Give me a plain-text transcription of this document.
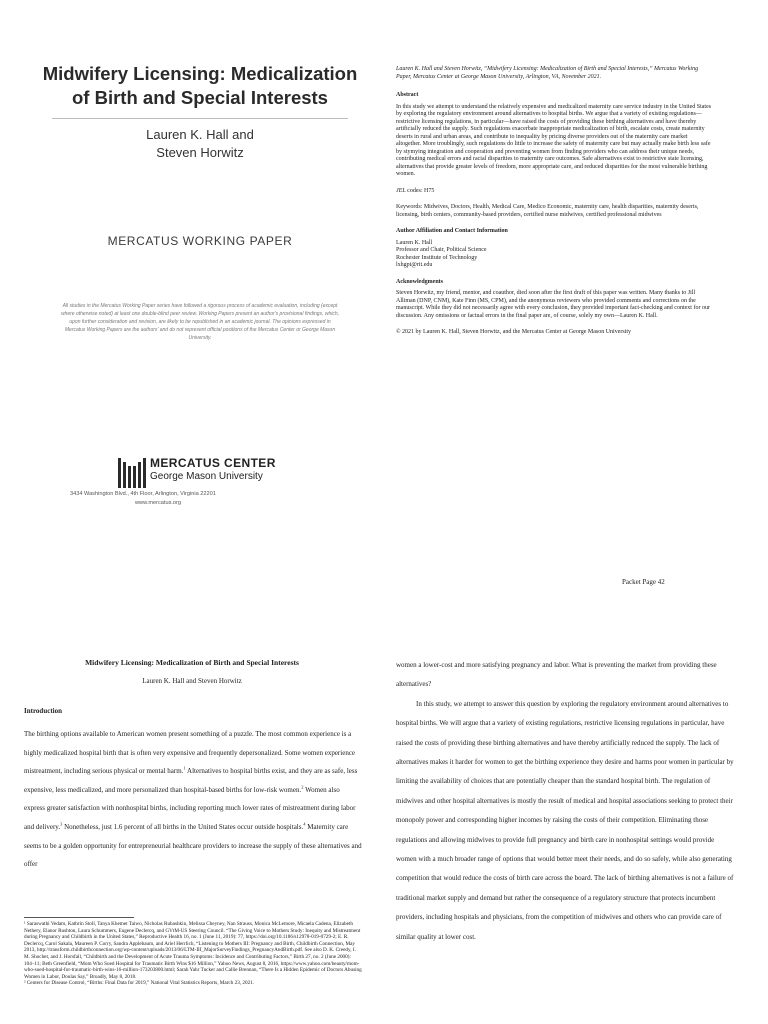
Midwifery Licensing: Medicalization
of Birth and Special Interests
Lauren K. Hall and
Steven Horwitz
MERCATUS WORKING PAPER
All studies in the Mercatus Working Paper series have followed a rigorous process of academic evaluation, including (except where otherwise noted) at least one double-blind peer review. Working Papers present an author's provisional findings, which, upon further consideration and revision, are likely to be republished in an academic journal. The opinions expressed in Mercatus Working Papers are the authors' and do not represent official positions of the Mercatus Center or George Mason University.
MERCATUS CENTER
George Mason University
3434 Washington Blvd., 4th Floor, Arlington, Virginia 22201
www.mercatus.org

Lauren K. Hall and Steven Horwitz, “Midwifery Licensing: Medicalization of Birth and Special Interests,” Mercatus Working Paper, Mercatus Center at George Mason University, Arlington, VA, November 2021.

Abstract

In this study we attempt to understand the relatively expensive and medicalized maternity care service industry in the United States by exploring the regulatory environment around alternatives to hospital births. We argue that a variety of existing regulations—restrictive licensing regulations, in particular—have raised the costs of providing these birthing alternatives and have thereby artificially reduced the supply. Such regulations exacerbate inappropriate medicalization of birth, escalate costs, create maternity deserts in rural and urban areas, and contribute to inequality by pricing diverse providers out of the maternity care market altogether. More troublingly, such regulations do little to increase the safety of maternity care but may actually make birth less safe by stymying integration and cooperation and preventing women from finding providers who can address their unique needs, contributing medical errors and racial disparities to maternity care outcomes. Safe alternatives exist to restrictive state licensing, alternatives that provide greater levels of freedom, more appropriate care, and reduced disparities for the most vulnerable birthing women.

JEL codes: H75

Keywords: Midwives, Doctors, Health, Medical Care, Medico Economic, maternity care, health disparities, maternity deserts, licensing, birth centers, community-based providers, certified nurse midwives, certified professional midwives

Author Affiliation and Contact Information

Lauren K. Hall

Professor and Chair, Political Science

Rochester Institute of Technology

lxhgpt@rit.edu

Acknowledgments

Steven Horwitz, my friend, mentor, and coauthor, died soon after the first draft of this paper was written. Many thanks to Jill Alliman (DNP, CNM), Kate Finn (MS, CPM), and the anonymous reviewers who provided comments and corrections on the manuscript. While they did not necessarily agree with every conclusion, they provided important fact-checking and context for our discussion. Any omissions or factual errors in the final paper are, of course, solely my own—Lauren K. Hall.

© 2021 by Lauren K. Hall, Steven Horwitz, and the Mercatus Center at George Mason University

Packet Page 42
Midwifery Licensing: Medicalization of Birth and Special Interests
Lauren K. Hall and Steven Horwitz
Introduction
The birthing options available to American women present something of a puzzle. The most common experience is a highly medicalized hospital birth that is often very expensive and frequently depersonalized. Some women experience mistreatment, including serious physical or mental harm.$^1$ Alternatives to hospital births exist, and they are as safe, less expensive, less medicalized, and more personalized than hospital-based births for low-risk women.$^2$ Women also express greater satisfaction with nonhospital births, including reporting much lower rates of mistreatment during labor and delivery.$^3$ Nonetheless, just 1.6 percent of all births in the United States occur outside hospitals.$^4$ Maternity care seems to be a golden opportunity for entrepreneurial healthcare providers to increase the supply of these alternatives and offer

¹ Saraswathi Vedam, Kathrin Stoll, Tanya Khemet Taiwo, Nicholas Rubashkin, Melissa Cheyney, Nan Strauss, Monica McLemore, Micaela Cadena, Elizabeth Nethery, Elanor Rushton, Laura Schummers, Eugene Declercq, and GVtM-US Steering Council. “The Giving Voice to Mothers Study: Inequity and Mistreatment during Pregnancy and Childbirth in the United States,” Reproductive Health 16, no. 1 (June 11, 2019): 77, https://doi.org/10.1186/s12978-019-0729-2; E. R. Declercq, Carol Sakala, Maureen P. Corry, Sandra Applebaum, and Ariel Herrlich, “Listening to Mothers III: Pregnancy and Birth, Childbirth Connection, May 2013, http://transform.childbirthconnection.org/wp-content/uploads/2013/06/LTM-III_MajorSurveyFindings_PregnancyAndBirth.pdf. See also D. K. Creedy, I. M. Shochet, and J. Horsfall, “Childbirth and the Development of Acute Trauma Symptoms: Incidence and Contributing Factors,” Birth 27, no. 2 (June 2000): 104–11; Beth Greenfield, “Mom Who Sued Hospital for Traumatic Birth Wins $16 Million,” Yahoo News, August 8, 2016, https://www.yahoo.com/beauty/mom-who-sued-hospital-for-traumatic-birth-wins-16-million-173203800.html; Sarah Yahr Tucker and Callie Brennan, “There Is a Hidden Epidemic of Doctors Abusing Women in Labor, Doulas Say,” Broadly, May 8, 2018.

² Centers for Disease Control, “Births: Final Data for 2019,” National Vital Statistics Reports, March 23, 2021.

women a lower-cost and more satisfying pregnancy and labor. What is preventing the market from providing these alternatives?

In this study, we attempt to answer this question by exploring the regulatory environment around alternatives to hospital births. We will argue that a variety of existing regulations, restrictive licensing regulations in particular, have raised the costs of providing these birthing alternatives and have thereby artificially reduced the supply. The lack of alternatives makes it harder for women to get the birthing experience they desire and harms poor women in particular by limiting the availability of choices that are potentially cheaper than the standard hospital birth. The regulation of midwives and other hospital alternatives is mostly the result of medical and hospital associations seeking to protect their monopoly power and corresponding higher incomes by raising the costs of their competition. Eliminating those regulations and allowing midwives to provide full pregnancy and birth care in nonhospital settings would provide women with a much broader range of options that would better meet their needs, and do so safely, while also generating competition that would reduce the costs of birth care across the board. The lack of birthing alternatives is not a failure of traditional market supply and demand but rather the consequence of a regulatory structure that protects incumbent providers, including hospitals and physicians, from the competition of midwives and others who can provide care of similar quality at lower cost.
